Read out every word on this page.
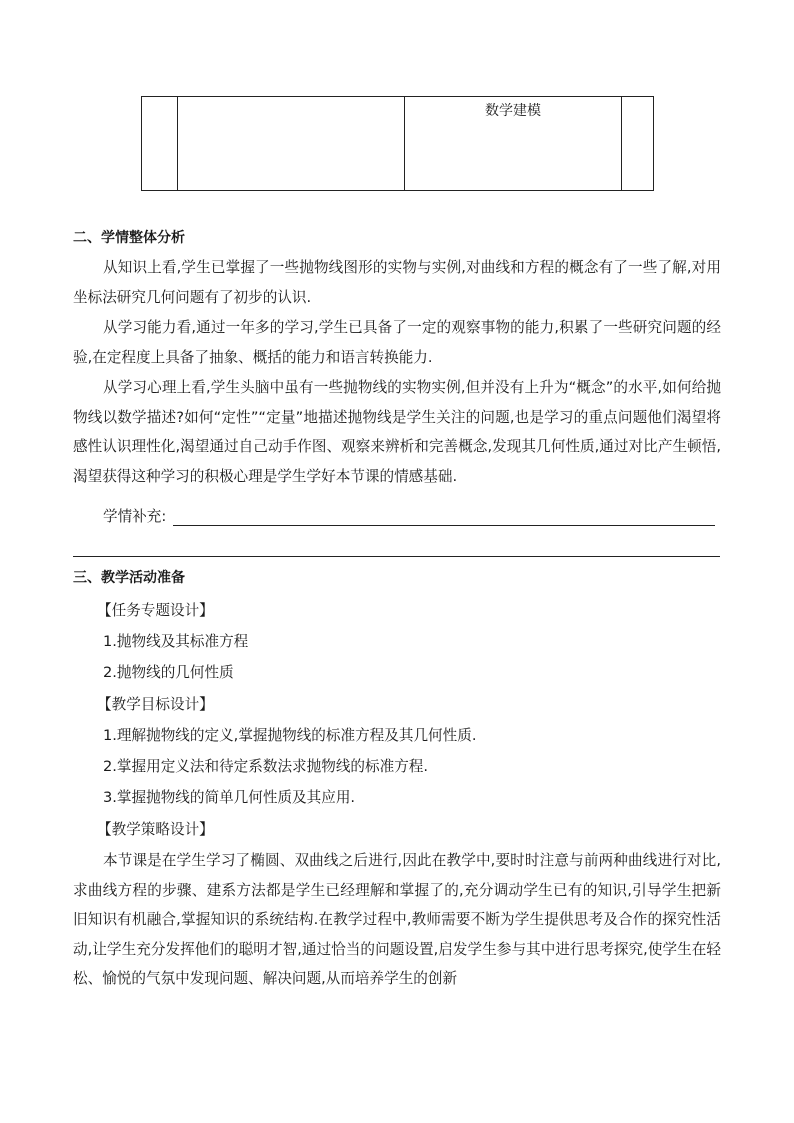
		数学建模	
二、学情整体分析
从知识上看,学生已掌握了一些抛物线图形的实物与实例,对曲线和方程的概念有了一些了解,对用坐标法研究几何问题有了初步的认识.
从学习能力看,通过一年多的学习,学生已具备了一定的观察事物的能力,积累了一些研究问题的经验,在定程度上具备了抽象、概括的能力和语言转换能力.
从学习心理上看,学生头脑中虽有一些抛物线的实物实例,但并没有上升为“概念”的水平,如何给抛物线以数学描述?如何“定性”“定量”地描述抛物线是学生关注的问题,也是学习的重点问题他们渴望将感性认识理性化,渴望通过自己动手作图、观察来辨析和完善概念,发现其几何性质,通过对比产生顿悟,渴望获得这种学习的积极心理是学生学好本节课的情感基础.
学情补充:
三、教学活动准备
【任务专题设计】
1.抛物线及其标准方程
2.抛物线的几何性质
【教学目标设计】
1.理解抛物线的定义,掌握抛物线的标准方程及其几何性质.
2.掌握用定义法和待定系数法求抛物线的标准方程.
3.掌握抛物线的简单几何性质及其应用.
【教学策略设计】
本节课是在学生学习了椭圆、双曲线之后进行,因此在教学中,要时时注意与前两种曲线进行对比,求曲线方程的步骤、建系方法都是学生已经理解和掌握了的,充分调动学生已有的知识,引导学生把新旧知识有机融合,掌握知识的系统结构.在教学过程中,教师需要不断为学生提供思考及合作的探究性活动,让学生充分发挥他们的聪明才智,通过恰当的问题设置,启发学生参与其中进行思考探究,使学生在轻松、愉悦的气氛中发现问题、解决问题,从而培养学生的创新
